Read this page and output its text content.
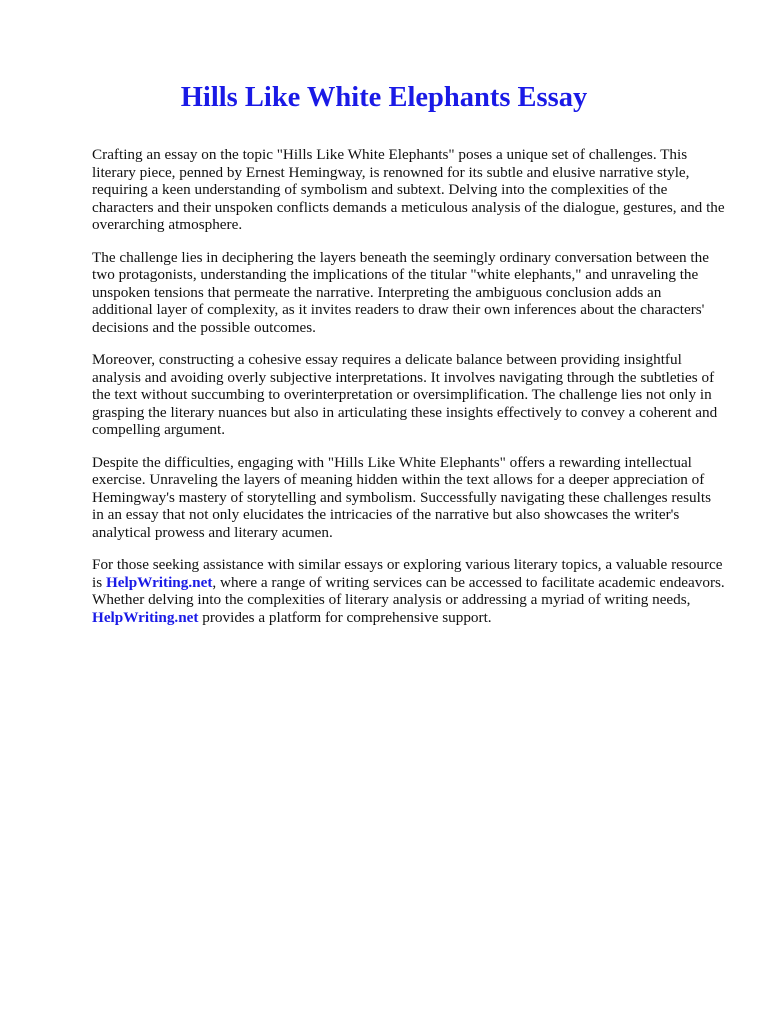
Hills Like White Elephants Essay

Crafting an essay on the topic "Hills Like White Elephants" poses a unique set of challenges. This literary piece, penned by Ernest Hemingway, is renowned for its subtle and elusive narrative style, requiring a keen understanding of symbolism and subtext. Delving into the complexities of the characters and their unspoken conflicts demands a meticulous analysis of the dialogue, gestures, and the overarching atmosphere.

The challenge lies in deciphering the layers beneath the seemingly ordinary conversation between the two protagonists, understanding the implications of the titular "white elephants," and unraveling the unspoken tensions that permeate the narrative. Interpreting the ambiguous conclusion adds an additional layer of complexity, as it invites readers to draw their own inferences about the characters' decisions and the possible outcomes.

Moreover, constructing a cohesive essay requires a delicate balance between providing insightful analysis and avoiding overly subjective interpretations. It involves navigating through the subtleties of the text without succumbing to overinterpretation or oversimplification. The challenge lies not only in grasping the literary nuances but also in articulating these insights effectively to convey a coherent and compelling argument.

Despite the difficulties, engaging with "Hills Like White Elephants" offers a rewarding intellectual exercise. Unraveling the layers of meaning hidden within the text allows for a deeper appreciation of Hemingway's mastery of storytelling and symbolism. Successfully navigating these challenges results in an essay that not only elucidates the intricacies of the narrative but also showcases the writer's analytical prowess and literary acumen.

For those seeking assistance with similar essays or exploring various literary topics, a valuable resource is HelpWriting.net, where a range of writing services can be accessed to facilitate academic endeavors. Whether delving into the complexities of literary analysis or addressing a myriad of writing needs, HelpWriting.net provides a platform for comprehensive support.
